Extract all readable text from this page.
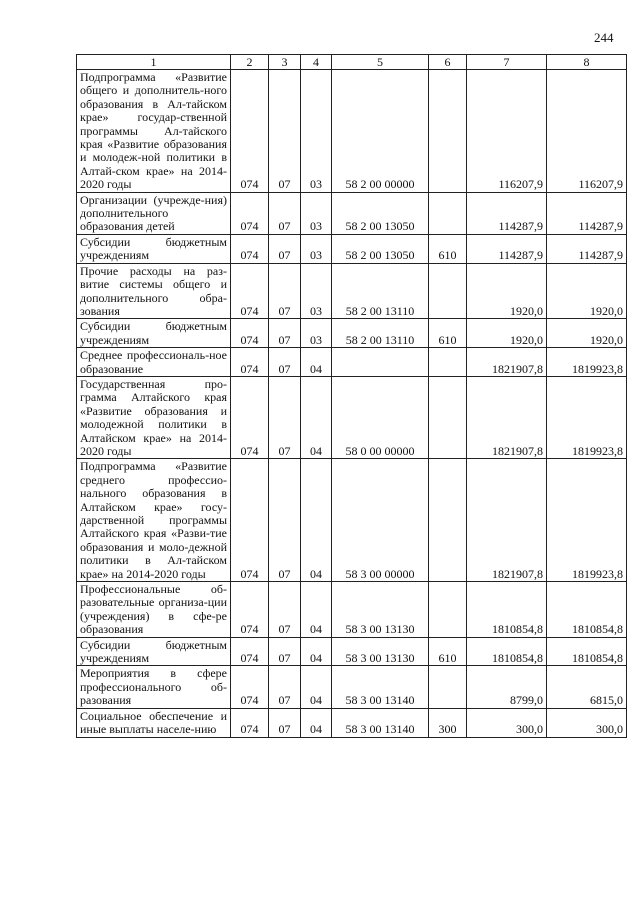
244
1	2	3	4	5	6	7	8
Подпрограмма «Развитие общего и дополнитель-ного образования в Ал-тайском крае» государ-ственной программы Ал-тайского края «Развитие образования и молодеж-ной политики в Алтай-ском крае» на 2014-2020 годы	074	07	03	58 2 00 00000		116207,9	116207,9
Организации (учрежде-ния) дополнительного образования детей	074	07	03	58 2 00 13050		114287,9	114287,9
Субсидии бюджетным учреждениям	074	07	03	58 2 00 13050	610	114287,9	114287,9
Прочие расходы на раз-витие системы общего и дополнительного обра-зования	074	07	03	58 2 00 13110		1920,0	1920,0
Субсидии бюджетным учреждениям	074	07	03	58 2 00 13110	610	1920,0	1920,0
Среднее профессиональ-ное образование	074	07	04			1821907,8	1819923,8
Государственная про-грамма Алтайского края «Развитие образования и молодежной политики в Алтайском крае» на 2014-2020 годы	074	07	04	58 0 00 00000		1821907,8	1819923,8
Подпрограмма «Развитие среднего профессио-нального образования в Алтайском крае» госу-дарственной программы Алтайского края «Разви-тие образования и моло-дежной политики в Ал-тайском крае» на 2014-2020 годы	074	07	04	58 3 00 00000		1821907,8	1819923,8
Профессиональные об-разовательные организа-ции (учреждения) в сфе-ре образования	074	07	04	58 3 00 13130		1810854,8	1810854,8
Субсидии бюджетным учреждениям	074	07	04	58 3 00 13130	610	1810854,8	1810854,8
Мероприятия в сфере профессионального об-разования	074	07	04	58 3 00 13140		8799,0	6815,0
Социальное обеспечение и иные выплаты населе-нию	074	07	04	58 3 00 13140	300	300,0	300,0
